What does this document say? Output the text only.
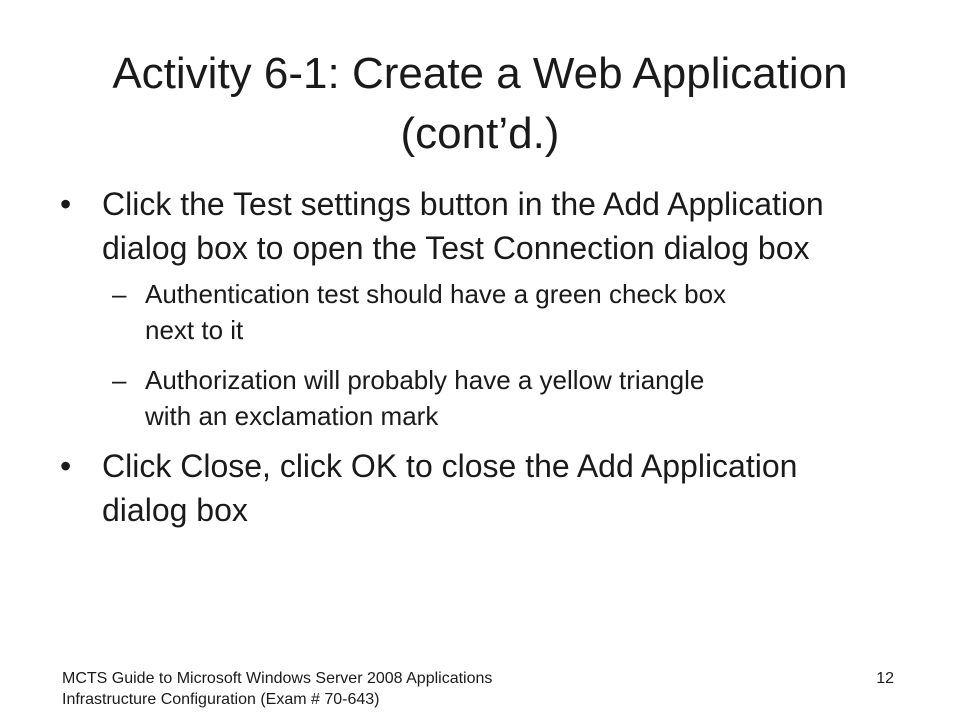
Activity 6-1: Create a Web Application
(cont’d.)
• Click the Test settings button in the Add Application
dialog box to open the Test Connection dialog box
– Authentication test should have a green check box
next to it
– Authorization will probably have a yellow triangle
with an exclamation mark
• Click Close, click OK to close the Add Application
dialog box
MCTS Guide to Microsoft Windows Server 2008 Applications
Infrastructure Configuration (Exam # 70-643)
12
